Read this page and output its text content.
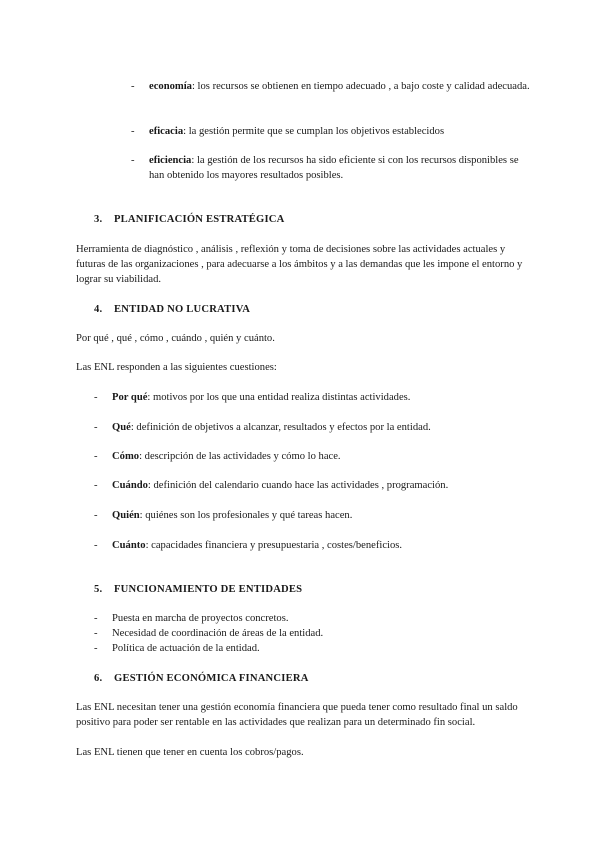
-	economía: los recursos se obtienen en tiempo adecuado , a bajo coste y calidad adecuada.
-	eficacia: la gestión permite que se cumplan los objetivos establecidos
-	eficiencia: la gestión de los recursos ha sido eficiente si con los recursos disponibles se han obtenido los mayores resultados posibles.
3. PLANIFICACIÓN ESTRATÉGICA
Herramienta de diagnóstico , análisis , reflexión y toma de decisiones sobre las actividades actuales y futuras de las organizaciones , para adecuarse a los ámbitos y a las demandas que les impone el entorno y lograr su viabilidad.
4. ENTIDAD NO LUCRATIVA
Por qué , qué , cómo , cuándo , quién y cuánto.
Las ENL responden a las siguientes cuestiones:
-	Por qué: motivos por los que una entidad realiza distintas actividades.
-	Qué: definición de objetivos a alcanzar, resultados y efectos por la entidad.
-	Cómo: descripción de las actividades y cómo lo hace.
-	Cuándo: definición del calendario cuando hace las actividades , programación.
-	Quién: quiénes son los profesionales y qué tareas hacen.
-	Cuánto: capacidades financiera y presupuestaria , costes/beneficios.
5. FUNCIONAMIENTO DE ENTIDADES
-	Puesta en marcha de proyectos concretos.
-	Necesidad de coordinación de áreas de la entidad.
-	Política de actuación de la entidad.
6. GESTIÓN ECONÓMICA FINANCIERA
Las ENL necesitan tener una gestión economía financiera que pueda tener como resultado final un saldo positivo para poder ser rentable en las actividades que realizan para un determinado fin social.
Las ENL tienen que tener en cuenta los cobros/pagos.
